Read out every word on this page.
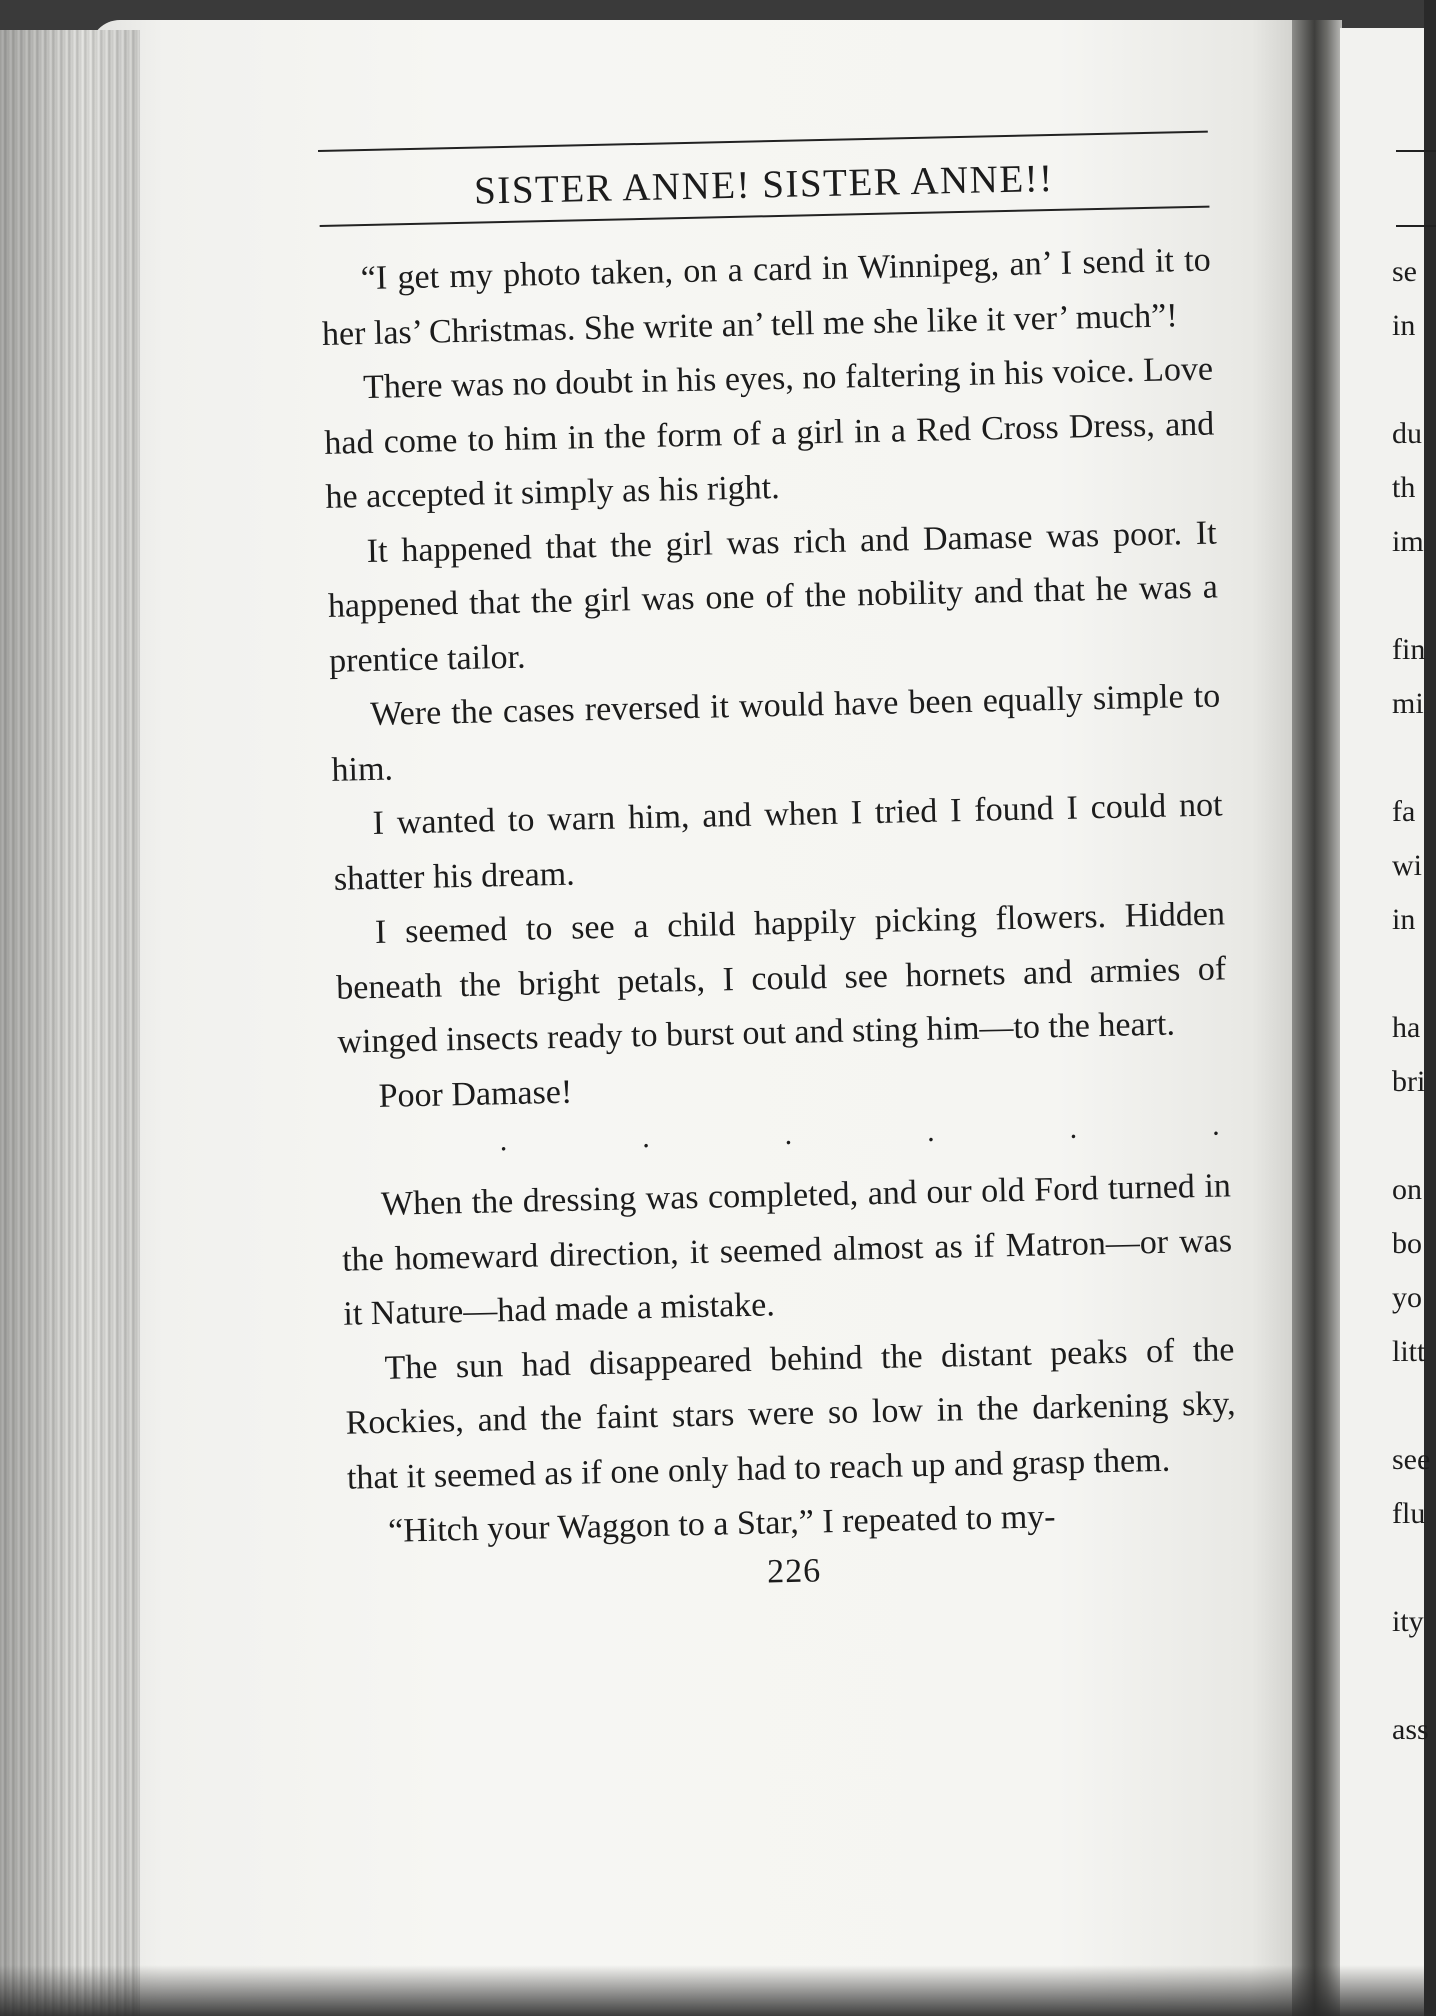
SISTER ANNE! SISTER ANNE!!

“I get my photo taken, on a card in Winnipeg, an’ I send it to her las’ Christmas. She write an’ tell me she like it ver’ much”!

There was no doubt in his eyes, no faltering in his voice. Love had come to him in the form of a girl in a Red Cross Dress, and he accepted it simply as his right.

It happened that the girl was rich and Damase was poor. It happened that the girl was one of the nobility and that he was a prentice tailor.

Were the cases reversed it would have been equally simple to him.

I wanted to warn him, and when I tried I found I could not shatter his dream.

I seemed to see a child happily picking flowers. Hidden beneath the bright petals, I could see hornets and armies of winged insects ready to burst out and sting him—to the heart.

Poor Damase!

.	.	.	.	.	.

When the dressing was completed, and our old Ford turned in the homeward direction, it seemed almost as if Matron—or was it Nature—had made a mistake.

The sun had disappeared behind the distant peaks of the Rockies, and the faint stars were so low in the darkening sky, that it seemed as if one only had to reach up and grasp them.

“Hitch your Waggon to a Star,” I repeated to my-

226
se
in
du
th
im
fin
mi
fa
wi
in
ha
bri
on
bo
yo
litt
see
flu
ity
ass
